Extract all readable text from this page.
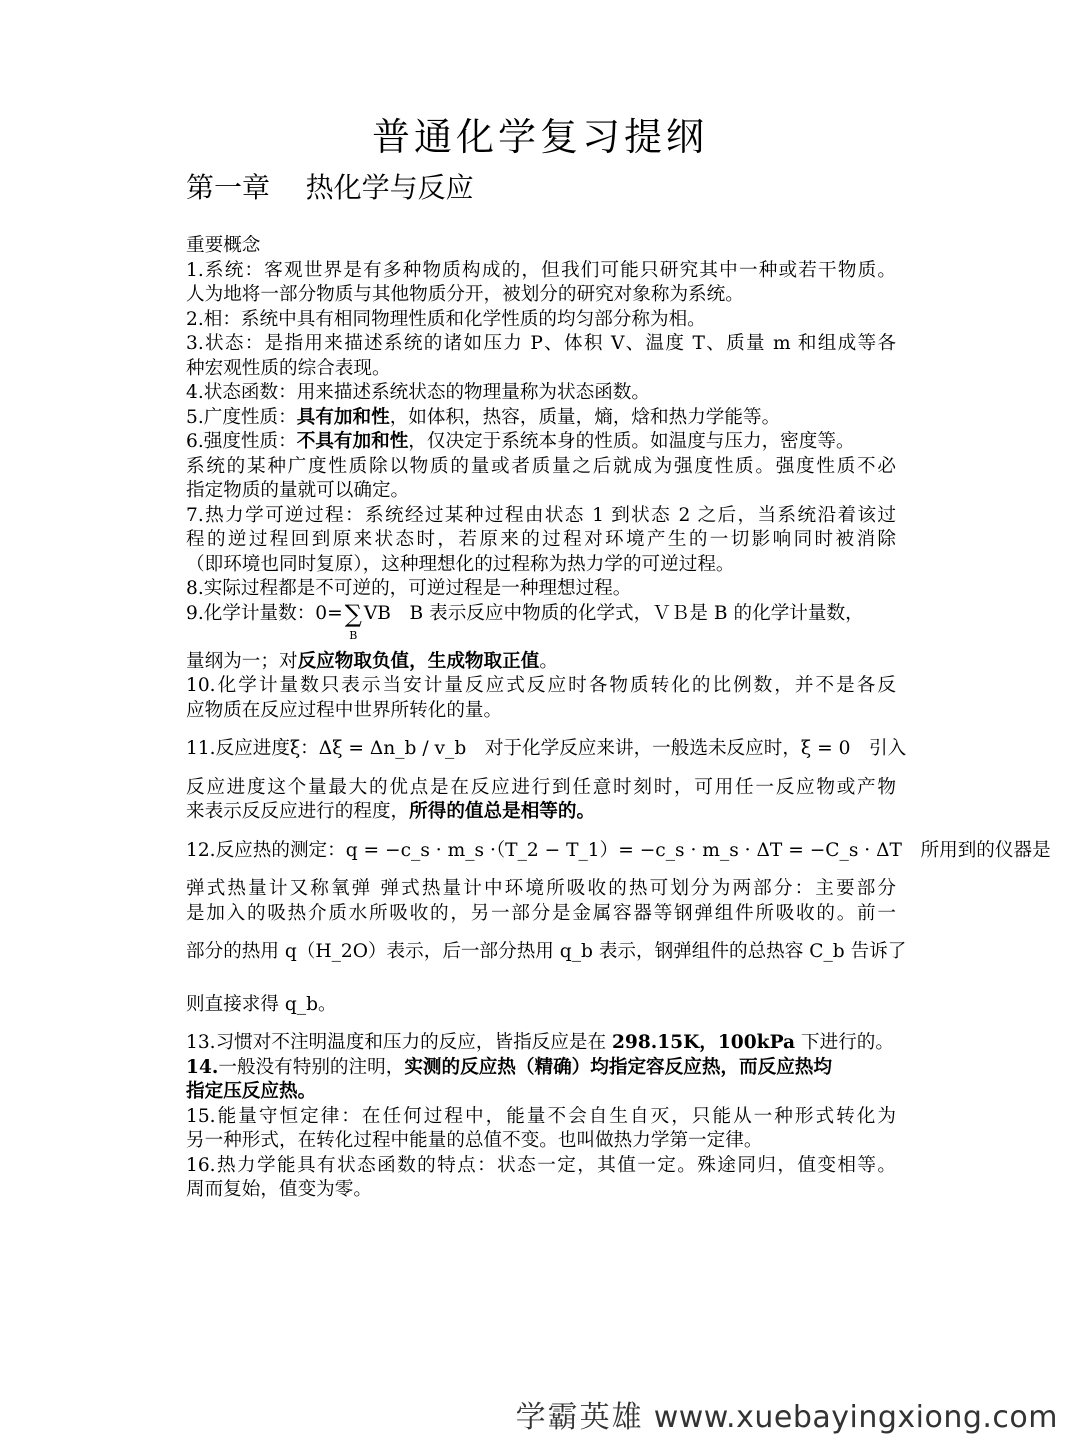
普通化学复习提纲
第一章    热化学与反应
重要概念
1.系统：客观世界是有多种物质构成的，但我们可能只研究其中一种或若干物质。
人为地将一部分物质与其他物质分开，被划分的研究对象称为系统。
2.相：系统中具有相同物理性质和化学性质的均匀部分称为相。
3.状态：是指用来描述系统的诸如压力 P、体积 V、温度 T、质量 m 和组成等各
种宏观性质的综合表现。
4.状态函数：用来描述系统状态的物理量称为状态函数。
5.广度性质：具有加和性，如体积，热容，质量，熵，焓和热力学能等。
6.强度性质：不具有加和性，仅决定于系统本身的性质。如温度与压力，密度等。
系统的某种广度性质除以物质的量或者质量之后就成为强度性质。强度性质不必
指定物质的量就可以确定。
7.热力学可逆过程：系统经过某种过程由状态 1 到状态 2 之后，当系统沿着该过
程的逆过程回到原来状态时，若原来的过程对环境产生的一切影响同时被消除
（即环境也同时复原），这种理想化的过程称为热力学的可逆过程。
8.实际过程都是不可逆的，可逆过程是一种理想过程。
9.化学计量数：0= ∑
B
VB　B 表示反应中物质的化学式，ＶＢ是 B 的化学计量数，
量纲为一；对反应物取负值，生成物取正值。
10.化学计量数只表示当安计量反应式反应时各物质转化的比例数，并不是各反
应物质在反应过程中世界所转化的量。
11.反应进度ξ：Δξ = Δn_b / v_b　对于化学反应来讲，一般选未反应时，ξ = 0　引入
反应进度这个量最大的优点是在反应进行到任意时刻时，可用任一反应物或产物
来表示反反应进行的程度，所得的值总是相等的。
12.反应热的测定：q = −c_s · m_s ·（T_2 − T_1）= −c_s · m_s · ΔT = −C_s · ΔT　所用到的仪器是
弹式热量计又称氧弹 弹式热量计中环境所吸收的热可划分为两部分：主要部分
是加入的吸热介质水所吸收的，另一部分是金属容器等钢弹组件所吸收的。前一
部分的热用 q（H_2O）表示，后一部分热用 q_b 表示，钢弹组件的总热容 C_b 告诉了
则直接求得 q_b。
13.习惯对不注明温度和压力的反应，皆指反应是在 298.15K，100kPa 下进行的。
14.一般没有特别的注明，实测的反应热（精确）均指定容反应热，而反应热均
指定压反应热。
15.能量守恒定律：在任何过程中，能量不会自生自灭，只能从一种形式转化为
另一种形式，在转化过程中能量的总值不变。也叫做热力学第一定律。
16.热力学能具有状态函数的特点：状态一定，其值一定。殊途同归，值变相等。
周而复始，值变为零。
学霸英雄 www.xuebayingxiong.com
